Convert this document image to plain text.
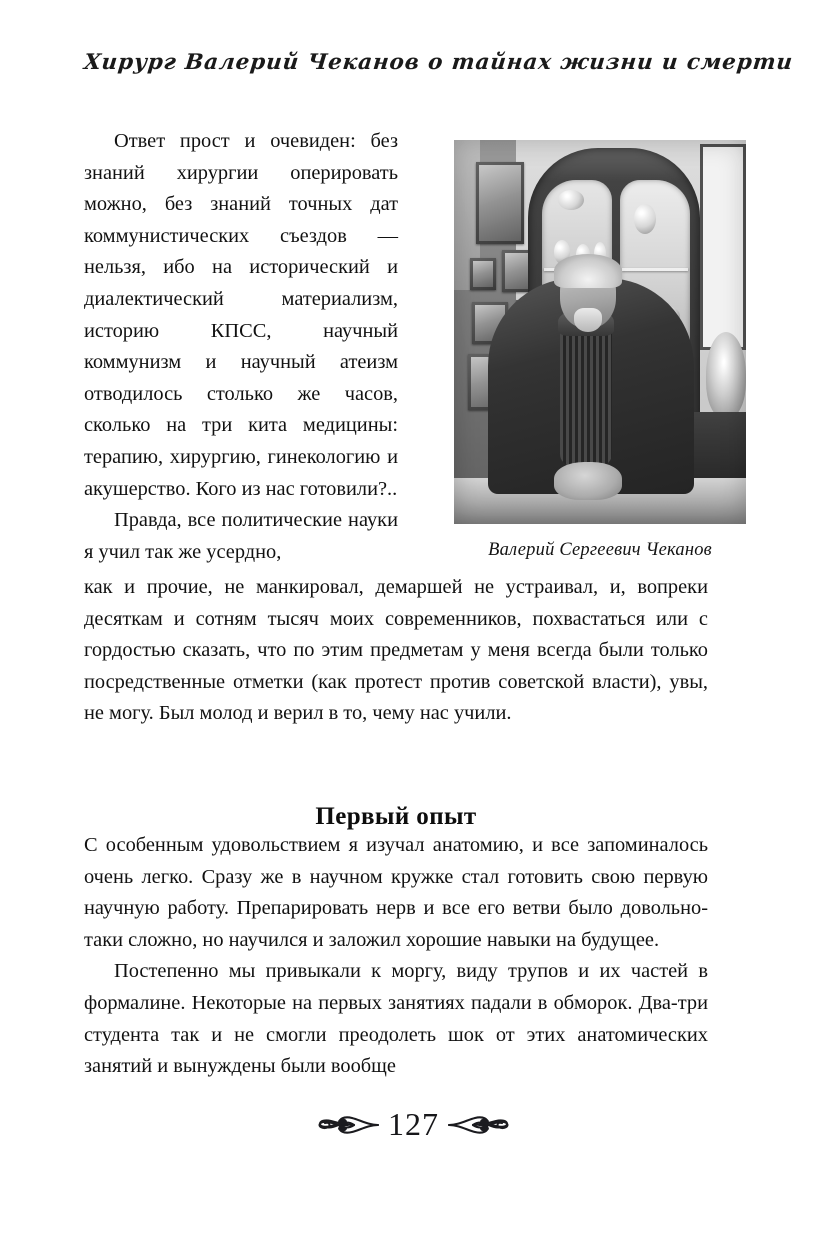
Хирург Валерий Чеканов о тайнах жизни и смерти
Валерий Сергеевич Чеканов

Ответ прост и очевиден: без знаний хирургии оперировать можно, без знаний точных дат коммунистических съездов — нельзя, ибо на исторический и диалектический материализм, историю КПСС, научный коммунизм и научный атеизм отводилось столько же часов, сколько на три кита медицины: терапию, хирургию, гинекологию и акушерство. Кого из нас готовили?..

Правда, все политические науки я учил так же усердно,

как и прочие, не манкировал, демаршей не устраивал, и, вопреки десяткам и сотням тысяч моих современников, похвастаться или с гордостью сказать, что по этим предметам у меня всегда были только посредственные отметки (как протест против советской власти), увы, не могу. Был молод и верил в то, чему нас учили.

Первый опыт

С особенным удовольствием я изучал анатомию, и все запоминалось очень легко. Сразу же в научном кружке стал готовить свою первую научную работу. Препарировать нерв и все его ветви было довольно-таки сложно, но научился и заложил хорошие навыки на будущее.

Постепенно мы привыкали к моргу, виду трупов и их частей в формалине. Некоторые на первых занятиях падали в обморок. Два-три студента так и не смогли преодолеть шок от этих анатомических занятий и вынуждены были вообще

127
